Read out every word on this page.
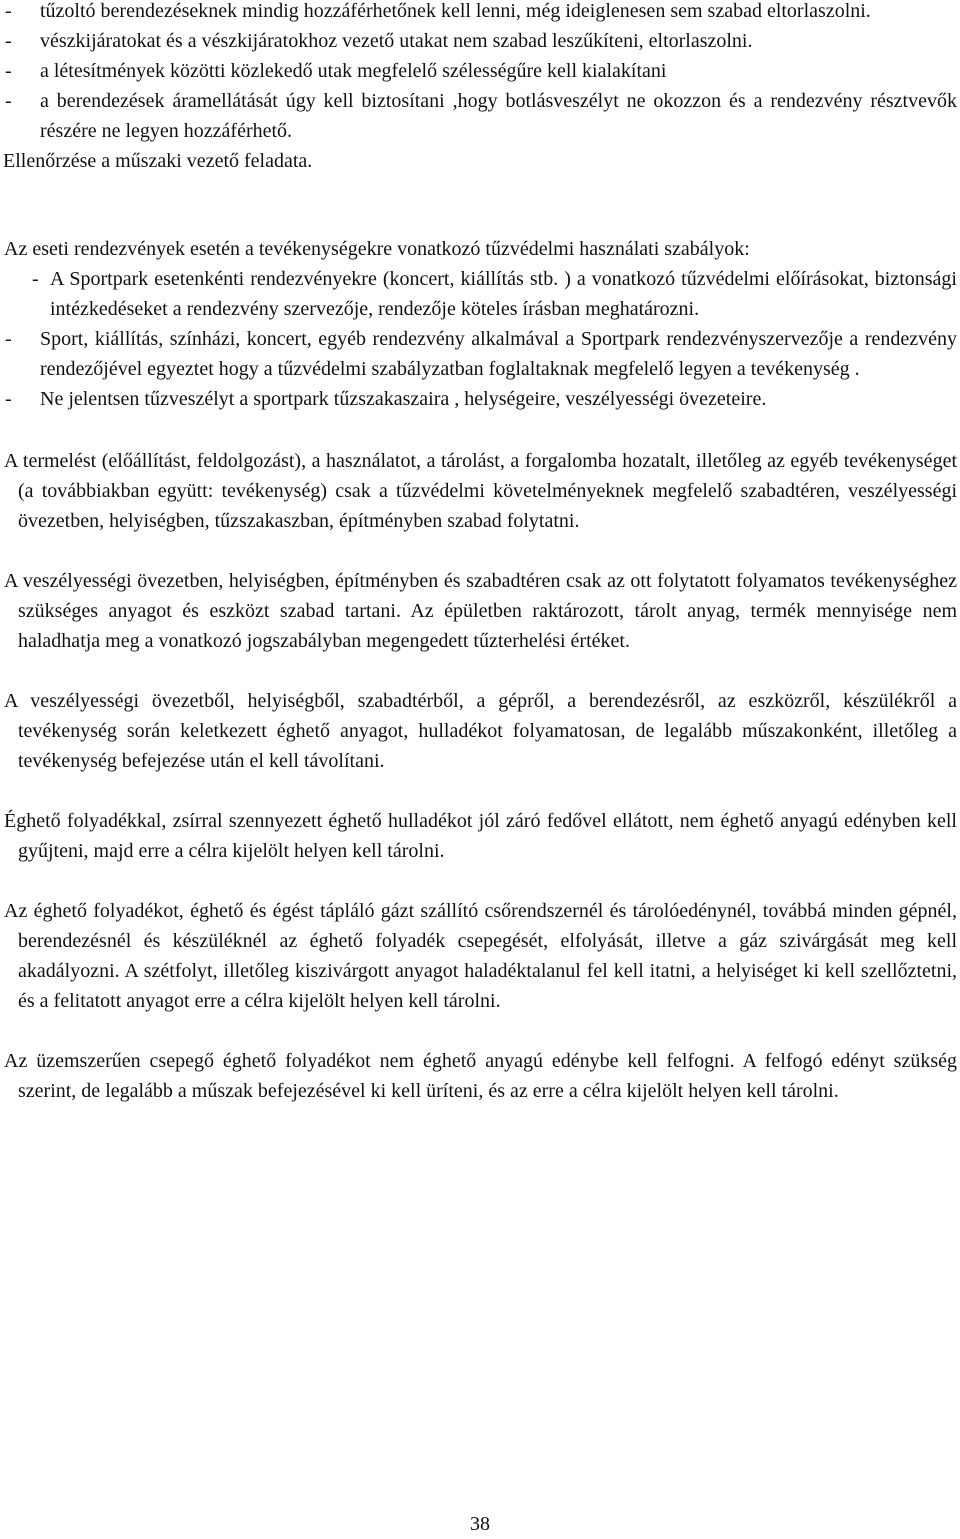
- tűzoltó berendezéseknek mindig hozzáférhetőnek kell lenni, még ideiglenesen sem szabad eltorlaszolni.
- vészkijáratokat és a vészkijáratokhoz vezető utakat nem szabad leszűkíteni, eltorlaszolni.
- a létesítmények közötti közlekedő utak megfelelő szélességűre kell kialakítani
- a berendezések áramellátását úgy kell biztosítani ,hogy botlásveszélyt ne okozzon és a rendezvény résztvevők részére ne legyen hozzáférhető.

Ellenőrzése a műszaki vezető feladata.

Az eseti rendezvények esetén a tevékenységekre vonatkozó tűzvédelmi használati szabályok:

- A Sportpark esetenkénti rendezvényekre (koncert, kiállítás stb. ) a vonatkozó tűzvédelmi előírásokat, biztonsági intézkedéseket a rendezvény szervezője, rendezője köteles írásban meghatározni.
- Sport, kiállítás, színházi, koncert, egyéb rendezvény alkalmával a Sportpark rendezvényszervezője a rendezvény rendezőjével egyeztet hogy a tűzvédelmi szabályzatban foglaltaknak megfelelő legyen a tevékenység .
- Ne jelentsen tűzveszélyt a sportpark tűzszakaszaira , helységeire, veszélyességi övezeteire.

A termelést (előállítást, feldolgozást), a használatot, a tárolást, a forgalomba hozatalt, illetőleg az egyéb tevékenységet (a továbbiakban együtt: tevékenység) csak a tűzvédelmi követelményeknek megfelelő szabadtéren, veszélyességi övezetben, helyiségben, tűzszakaszban, építményben szabad folytatni.

A veszélyességi övezetben, helyiségben, építményben és szabadtéren csak az ott folytatott folyamatos tevékenységhez szükséges anyagot és eszközt szabad tartani. Az épületben raktározott, tárolt anyag, termék mennyisége nem haladhatja meg a vonatkozó jogszabályban megengedett tűzterhelési értéket.

A veszélyességi övezetből, helyiségből, szabadtérből, a gépről, a berendezésről, az eszközről, készülékről a tevékenység során keletkezett éghető anyagot, hulladékot folyamatosan, de legalább műszakonként, illetőleg a tevékenység befejezése után el kell távolítani.

Éghető folyadékkal, zsírral szennyezett éghető hulladékot jól záró fedővel ellátott, nem éghető anyagú edényben kell gyűjteni, majd erre a célra kijelölt helyen kell tárolni.

Az éghető folyadékot, éghető és égést tápláló gázt szállító csőrendszernél és tárolóedénynél, továbbá minden gépnél, berendezésnél és készüléknél az éghető folyadék csepegését, elfolyását, illetve a gáz szivárgását meg kell akadályozni. A szétfolyt, illetőleg kiszivárgott anyagot haladéktalanul fel kell itatni, a helyiséget ki kell szellőztetni, és a felitatott anyagot erre a célra kijelölt helyen kell tárolni.

Az üzemszerűen csepegő éghető folyadékot nem éghető anyagú edénybe kell felfogni. A felfogó edényt szükség szerint, de legalább a műszak befejezésével ki kell üríteni, és az erre a célra kijelölt helyen kell tárolni.

38
